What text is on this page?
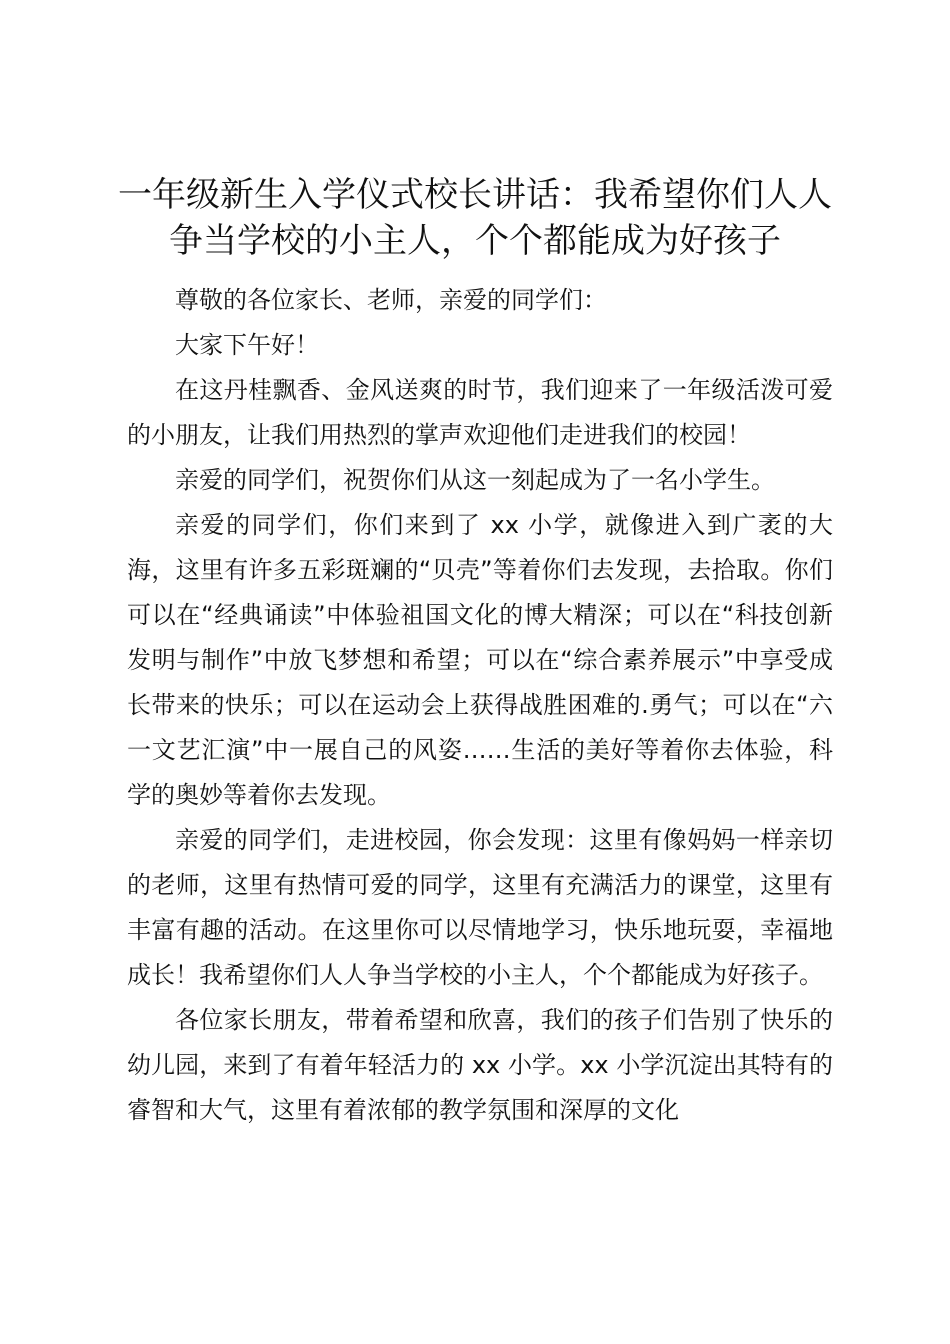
一年级新生入学仪式校长讲话：我希望你们人人争当学校的小主人，个个都能成为好孩子

尊敬的各位家长、老师，亲爱的同学们：

大家下午好！

在这丹桂飘香、金风送爽的时节，我们迎来了一年级活泼可爱的小朋友，让我们用热烈的掌声欢迎他们走进我们的校园！

亲爱的同学们，祝贺你们从这一刻起成为了一名小学生。

亲爱的同学们，你们来到了 xx 小学，就像进入到广袤的大海，这里有许多五彩斑斓的“贝壳”等着你们去发现，去拾取。你们可以在“经典诵读”中体验祖国文化的博大精深；可以在“科技创新发明与制作”中放飞梦想和希望；可以在“综合素养展示”中享受成长带来的快乐；可以在运动会上获得战胜困难的.勇气；可以在“六一文艺汇演”中一展自己的风姿……生活的美好等着你去体验，科学的奥妙等着你去发现。

亲爱的同学们，走进校园，你会发现：这里有像妈妈一样亲切的老师，这里有热情可爱的同学，这里有充满活力的课堂，这里有丰富有趣的活动。在这里你可以尽情地学习，快乐地玩耍，幸福地成长！我希望你们人人争当学校的小主人，个个都能成为好孩子。

各位家长朋友，带着希望和欣喜，我们的孩子们告别了快乐的幼儿园，来到了有着年轻活力的 xx 小学。xx 小学沉淀出其特有的睿智和大气，这里有着浓郁的教学氛围和深厚的文化
